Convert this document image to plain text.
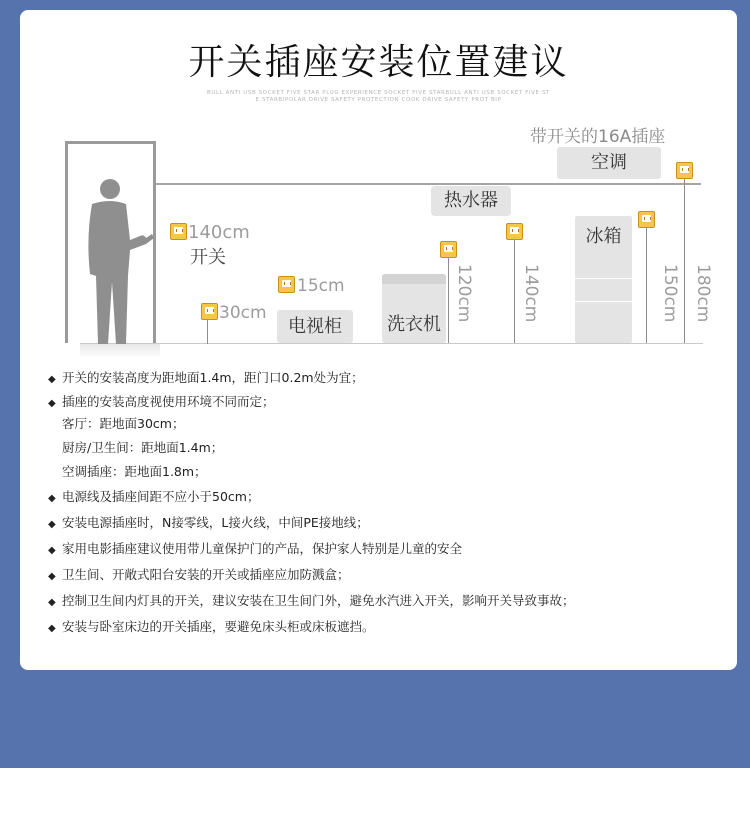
开关插座安装位置建议
BULL ANTI USB SOCKET FIVE STAR PLUG EXPERIENCE SOCKET FIVE STARBULL ANTI USB SOCKET FIVE ST
E STARBIPOLAR DRIVE SAFETY PROTECTION COOK DRIVE SAFETY PROT BIP
140cm
开关
30cm
15cm
电视柜	洗衣机
120cm
热水器
140cm
冰箱
150cm
带开关的16A插座
空调
180cm
◆ 开关的安装高度为距地面1.4m，距门口0.2m处为宜；
◆ 插座的安装高度视使用环境不同而定；
客厅：距地面30cm；
厨房/卫生间：距地面1.4m；
空调插座：距地面1.8m；
◆ 电源线及插座间距不应小于50cm；
◆ 安装电源插座时，N接零线，L接火线，中间PE接地线；
◆ 家用电影插座建议使用带儿童保护门的产品，保护家人特别是儿童的安全
◆ 卫生间、开敞式阳台安装的开关或插座应加防溅盒；
◆ 控制卫生间内灯具的开关，建议安装在卫生间门外，避免水汽进入开关，影响开关导致事故；
◆ 安装与卧室床边的开关插座，要避免床头柜或床板遮挡。
